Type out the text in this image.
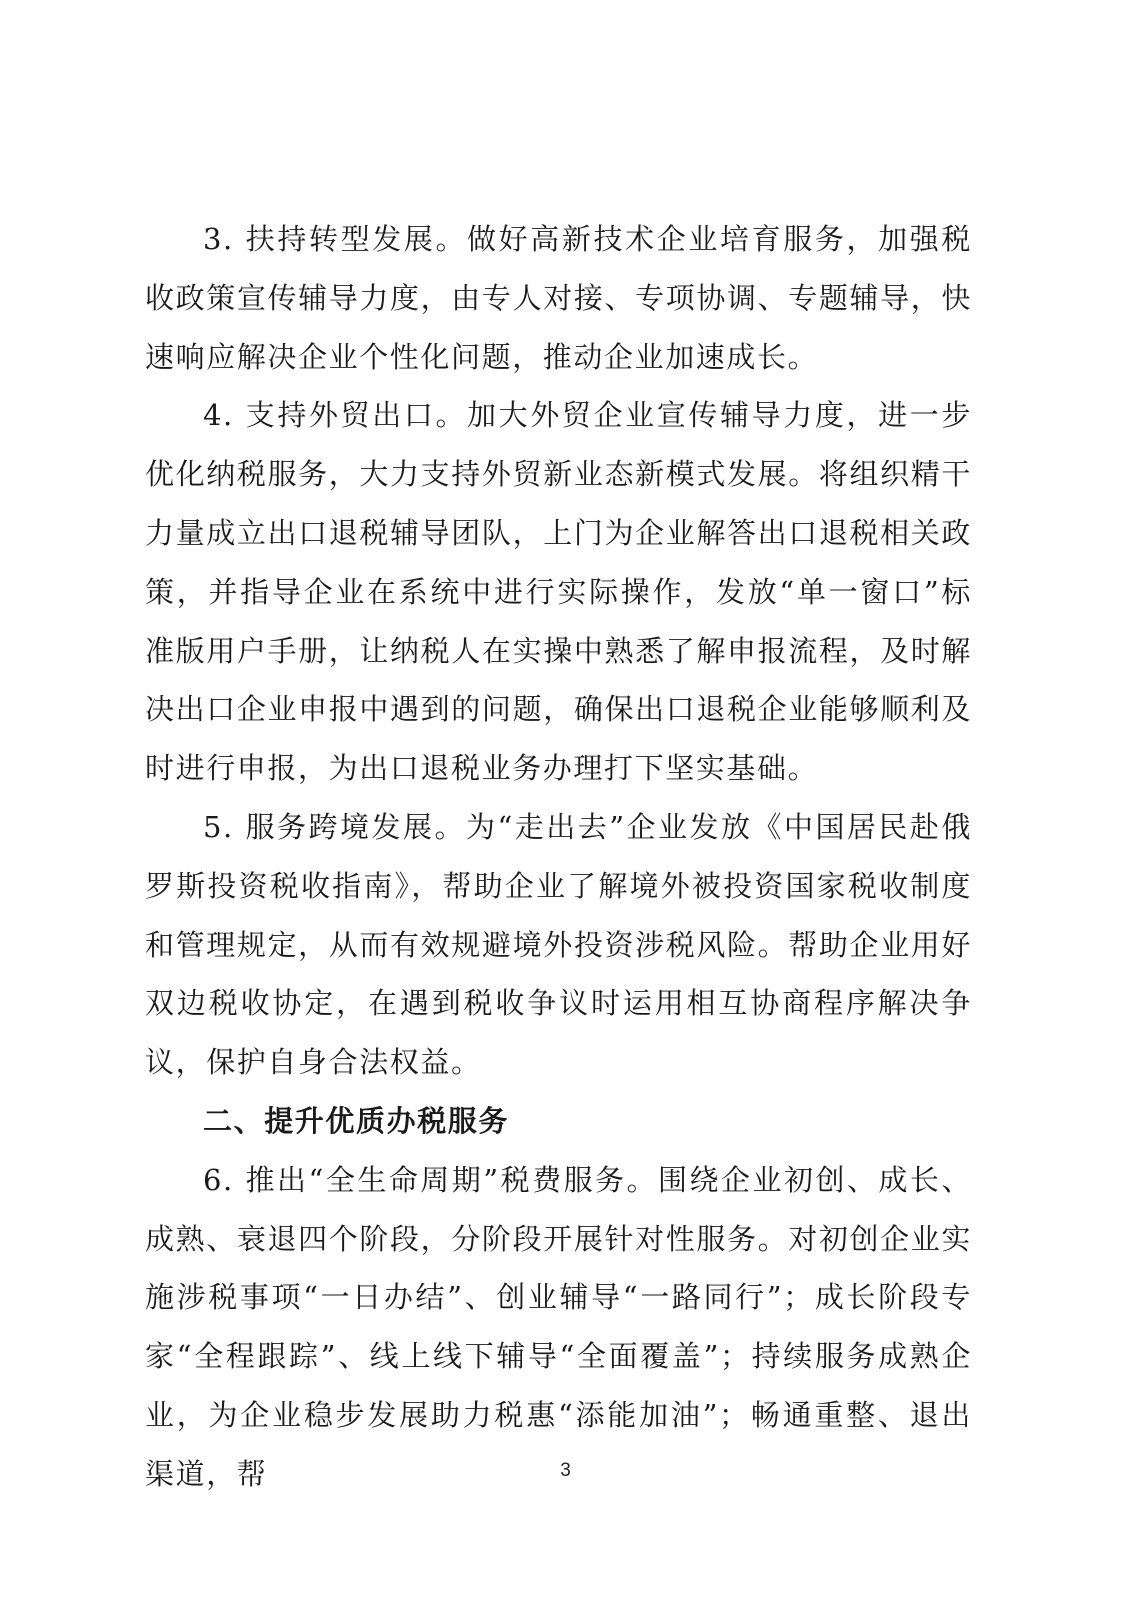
3. 扶持转型发展。做好高新技术企业培育服务，加强税收政策宣传辅导力度，由专人对接、专项协调、专题辅导，快速响应解决企业个性化问题，推动企业加速成长。

4. 支持外贸出口。加大外贸企业宣传辅导力度，进一步优化纳税服务，大力支持外贸新业态新模式发展。将组织精干力量成立出口退税辅导团队，上门为企业解答出口退税相关政策，并指导企业在系统中进行实际操作，发放“单一窗口”标准版用户手册，让纳税人在实操中熟悉了解申报流程，及时解决出口企业申报中遇到的问题，确保出口退税企业能够顺利及时进行申报，为出口退税业务办理打下坚实基础。

5. 服务跨境发展。为“走出去”企业发放《中国居民赴俄罗斯投资税收指南》，帮助企业了解境外被投资国家税收制度和管理规定，从而有效规避境外投资涉税风险。帮助企业用好双边税收协定，在遇到税收争议时运用相互协商程序解决争议，保护自身合法权益。

二、提升优质办税服务

6. 推出“全生命周期”税费服务。围绕企业初创、成长、成熟、衰退四个阶段，分阶段开展针对性服务。对初创企业实施涉税事项“一日办结”、创业辅导“一路同行”；成长阶段专家“全程跟踪”、线上线下辅导“全面覆盖”；持续服务成熟企业，为企业稳步发展助力税惠“添能加油”；畅通重整、退出渠道，帮	3
